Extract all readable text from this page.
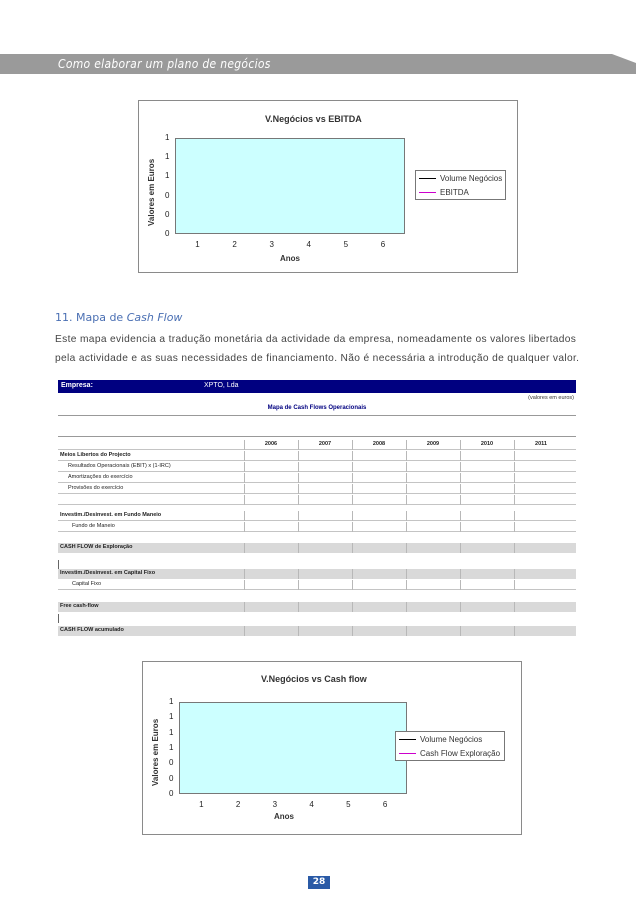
Como elaborar um plano de negócios
V.Negócios vs EBITDA
Valores em Euros
Anos
Volume Negócios
EBITDA
0
0
0
1
1
1
1	2	3	4	5	6
11. Mapa de Cash Flow
Este mapa evidencia a tradução monetária da actividade da empresa, nomeadamente os valores libertados
pela actividade e as suas necessidades de financiamento. Não é necessária a introdução de qualquer valor.
Empresa:	XPTO, Lda
(valores em euros)
Mapa de Cash Flows Operacionais
2006	2007	2008	2009	2010	2011
Meios Libertos do Projecto
Resultados Operacionais (EBIT) x (1-IRC)
Amortizações do exercício
Provisões do exercício
Investim./Desinvest. em Fundo Maneio
Fundo de Maneio
CASH FLOW de Exploração
Investim./Desinvest. em Capital Fixo
Capital Fixo
Free cash-flow
CASH FLOW acumulado
V.Negócios vs Cash flow
Valores em Euros
Anos
Volume Negócios
Cash Flow Exploração
0
0
0
1
1
1
1
1	2	3	4	5	6
28
